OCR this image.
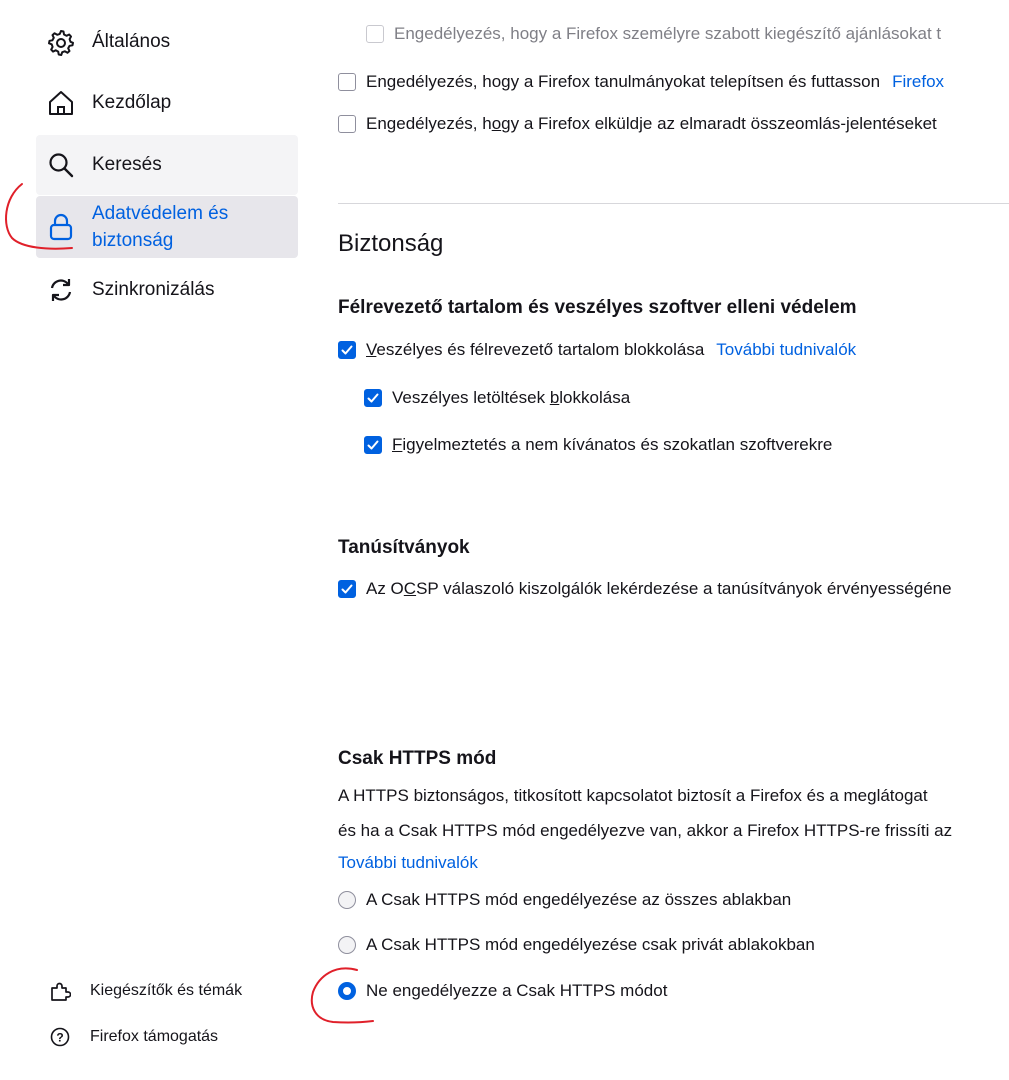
Általános
Kezdőlap
Keresés
Adatvédelem és
biztonság
Szinkronizálás
Kiegészítők és témák
? Firefox támogatás
Engedélyezés, hogy a Firefox személyre szabott kiegészítő ajánlásokat t
Engedélyezés, hogy a Firefox tanulmányokat telepítsen és futtasson Firefox
Engedélyezés, hogy a Firefox elküldje az elmaradt összeomlás-jelentéseket
Biztonság
Félrevezető tartalom és veszélyes szoftver elleni védelem
Veszélyes és félrevezető tartalom blokkolása További tudnivalók
Veszélyes letöltések blokkolása
Figyelmeztetés a nem kívánatos és szokatlan szoftverekre
Tanúsítványok
Az OCSP válaszoló kiszolgálók lekérdezése a tanúsítványok érvényességéne
Csak HTTPS mód
A HTTPS biztonságos, titkosított kapcsolatot biztosít a Firefox és a meglátogat
és ha a Csak HTTPS mód engedélyezve van, akkor a Firefox HTTPS-re frissíti az
További tudnivalók
A Csak HTTPS mód engedélyezése az összes ablakban
A Csak HTTPS mód engedélyezése csak privát ablakokban
Ne engedélyezze a Csak HTTPS módot
